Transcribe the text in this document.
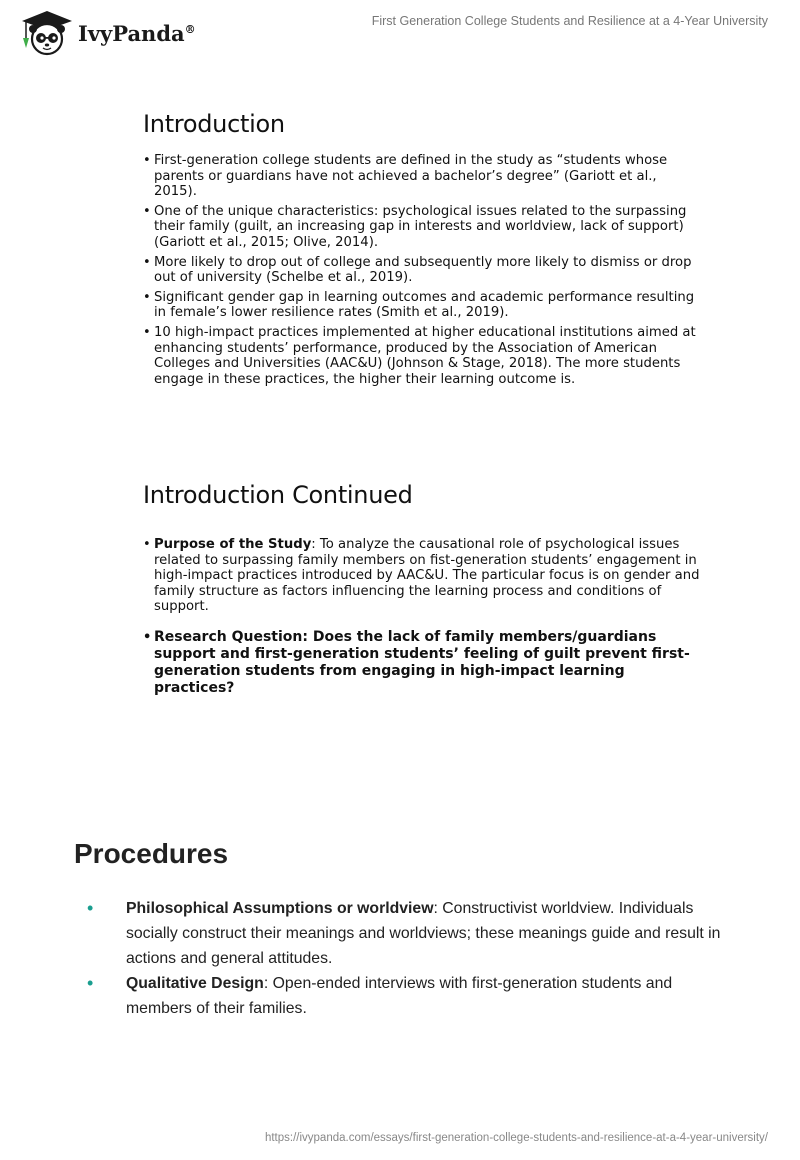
IvyPanda®
First Generation College Students and Resilience at a 4-Year University
Introduction
• First-generation college students are defined in the study as “students whose parents or guardians have not achieved a bachelor’s degree” (Gariott et al., 2015).
• One of the unique characteristics: psychological issues related to the surpassing their family (guilt, an increasing gap in interests and worldview, lack of support) (Gariott et al., 2015; Olive, 2014).
• More likely to drop out of college and subsequently more likely to dismiss or drop out of university (Schelbe et al., 2019).
• Significant gender gap in learning outcomes and academic performance resulting in female’s lower resilience rates (Smith et al., 2019).
• 10 high-impact practices implemented at higher educational institutions aimed at enhancing students’ performance, produced by the Association of American Colleges and Universities (AAC&U) (Johnson & Stage, 2018). The more students engage in these practices, the higher their learning outcome is.
Introduction Continued
• Purpose of the Study: To analyze the causational role of psychological issues related to surpassing family members on fist-generation students’ engagement in high-impact practices introduced by AAC&U. The particular focus is on gender and family structure as factors influencing the learning process and conditions of support.
• Research Question: Does the lack of family members/guardians support and first-generation students’ feeling of guilt prevent first-generation students from engaging in high-impact learning practices?
Procedures
• Philosophical Assumptions or worldview: Constructivist worldview. Individuals socially construct their meanings and worldviews; these meanings guide and result in actions and general attitudes.
• Qualitative Design: Open-ended interviews with first-generation students and members of their families.
https://ivypanda.com/essays/first-generation-college-students-and-resilience-at-a-4-year-university/
